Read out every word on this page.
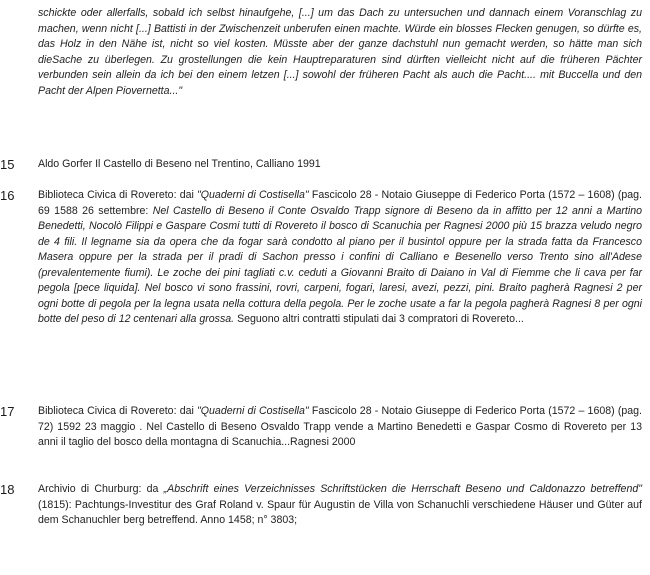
schickte oder allerfalls, sobald ich selbst hinaufgehe, [...] um das Dach zu untersuchen und dannach einem Voranschlag zu machen, wenn nicht [...] Battisti in der Zwischenzeit unberufen einen machte. Würde ein blosses Flecken genugen, so dürfte es, das Holz in den Nähe ist, nicht so viel kosten. Müsste aber der ganze dachstuhl nun gemacht werden, so hätte man sich dieSache zu überlegen. Zu grostellungen die kein Hauptreparaturen sind dürften vielleicht nicht auf die früheren Pächter verbunden sein allein da ich bei den einem letzen [...] sowohl der früheren Pacht als auch die Pacht.... mit Buccella und den Pacht der Alpen Piovernetta..."

15	Aldo Gorfer Il Castello di Beseno nel Trentino, Calliano 1991

16	Biblioteca Civica di Rovereto: dai "Quaderni di Costisella" Fascicolo 28 - Notaio Giuseppe di Federico Porta (1572 – 1608) (pag. 69 1588 26 settembre: Nel Castello di Beseno il Conte Osvaldo Trapp signore di Beseno da in affitto per 12 anni a Martino Benedetti, Nocolò Filippi e Gaspare Cosmi tutti di Rovereto il bosco di Scanuchia per Ragnesi 2000 più 15 brazza veludo negro de 4 fili. Il legname sia da opera che da fogar sarà condotto al piano per il busintol oppure per la strada fatta da Francesco Masera oppure per la strada per il pradi di Sachon presso i confini di Calliano e Besenello verso Trento sino all'Adese (prevalentemente fiumi). Le zoche dei pini tagliati c.v. ceduti a Giovanni Braito di Daiano in Val di Fiemme che li cava per far pegola [pece liquida]. Nel bosco vi sono frassini, rovri, carpeni, fogari, laresi, avezi, pezzi, pini. Braito pagherà Ragnesi 2 per ogni botte di pegola per la legna usata nella cottura della pegola. Per le zoche usate a far la pegola pagherà Ragnesi 8 per ogni botte del peso di 12 centenari alla grossa. Seguono altri contratti stipulati dai 3 compratori di Rovereto...

17	Biblioteca Civica di Rovereto: dai "Quaderni di Costisella" Fascicolo 28 - Notaio Giuseppe di Federico Porta (1572 – 1608) (pag. 72) 1592 23 maggio . Nel Castello di Beseno Osvaldo Trapp vende a Martino Benedetti e Gaspar Cosmo di Rovereto per 13 anni il taglio del bosco della montagna di Scanuchia...Ragnesi 2000

18	Archivio di Churburg: da „Abschrift eines Verzeichnisses Schriftstücken die Herrschaft Beseno und Caldonazzo betreffend" (1815): Pachtungs-Investitur des Graf Roland v. Spaur für Augustin de Villa von Schanuchli verschiedene Häuser und Güter auf dem Schanuchler berg betreffend. Anno 1458; n° 3803;
